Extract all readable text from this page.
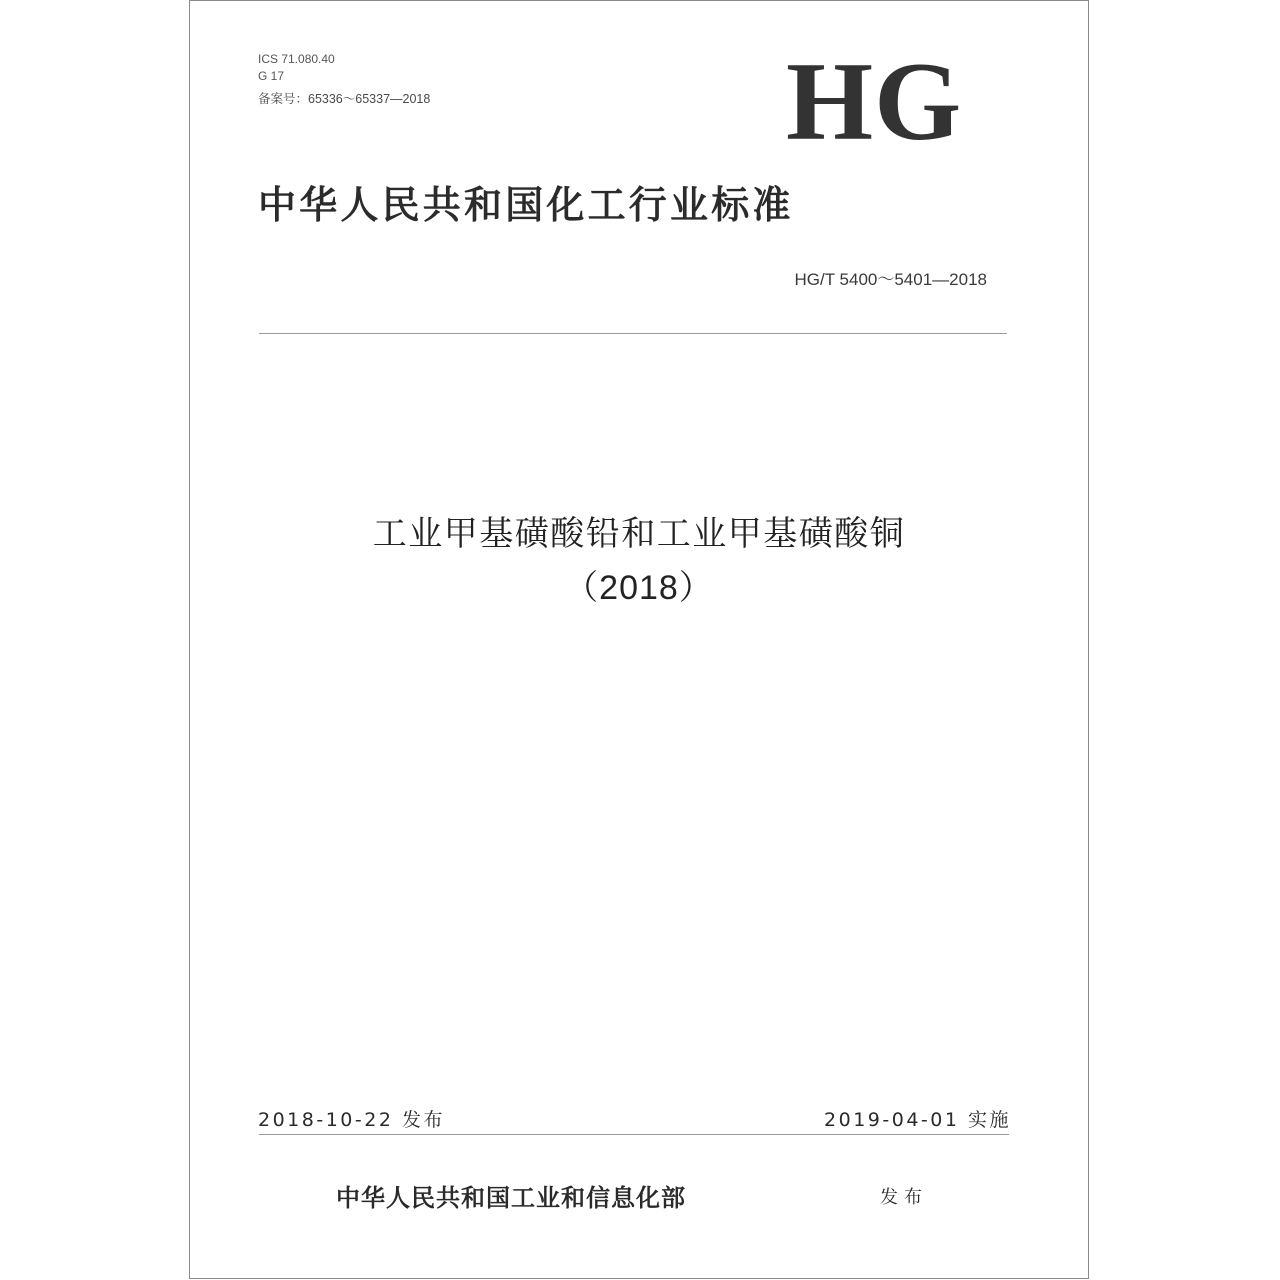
ICS 71.080.40
G 17
备案号：65336～65337—2018	HG
中华人民共和国化工行业标准
HG/T 5400～5401—2018
工业甲基磺酸铅和工业甲基磺酸铜
（2018）
2018-10-22 发布	2019-04-01 实施
中华人民共和国工业和信息化部	发布
